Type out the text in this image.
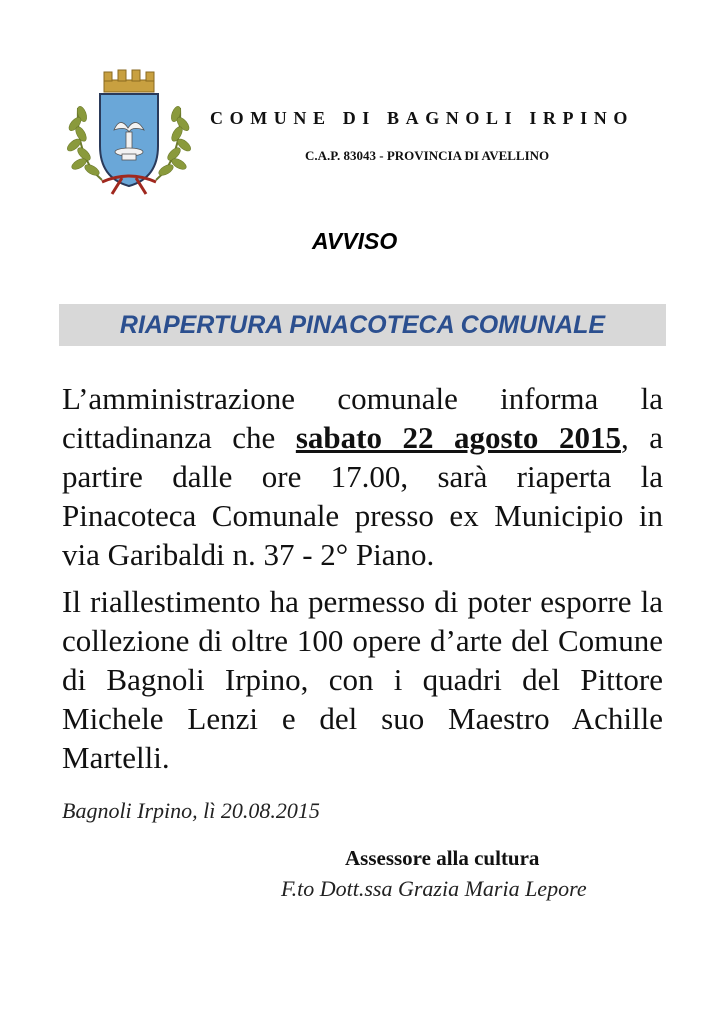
COMUNE DI BAGNOLI IRPINO
C.A.P. 83043 - PROVINCIA DI AVELLINO
AVVISO
RIAPERTURA PINACOTECA COMUNALE

L’amministrazione comunale informa la cittadinanza che sabato 22 agosto 2015, a partire dalle ore 17.00, sarà riaperta la Pinacoteca Comunale presso ex Municipio in via Garibaldi n. 37 - 2° Piano.

Il riallestimento ha permesso di poter esporre la collezione di oltre 100 opere d’arte del Comune di Bagnoli Irpino, con i quadri del Pittore Michele Lenzi e del suo Maestro Achille Martelli.

Bagnoli Irpino, lì 20.08.2015
Assessore alla cultura
F.to Dott.ssa Grazia Maria Lepore
